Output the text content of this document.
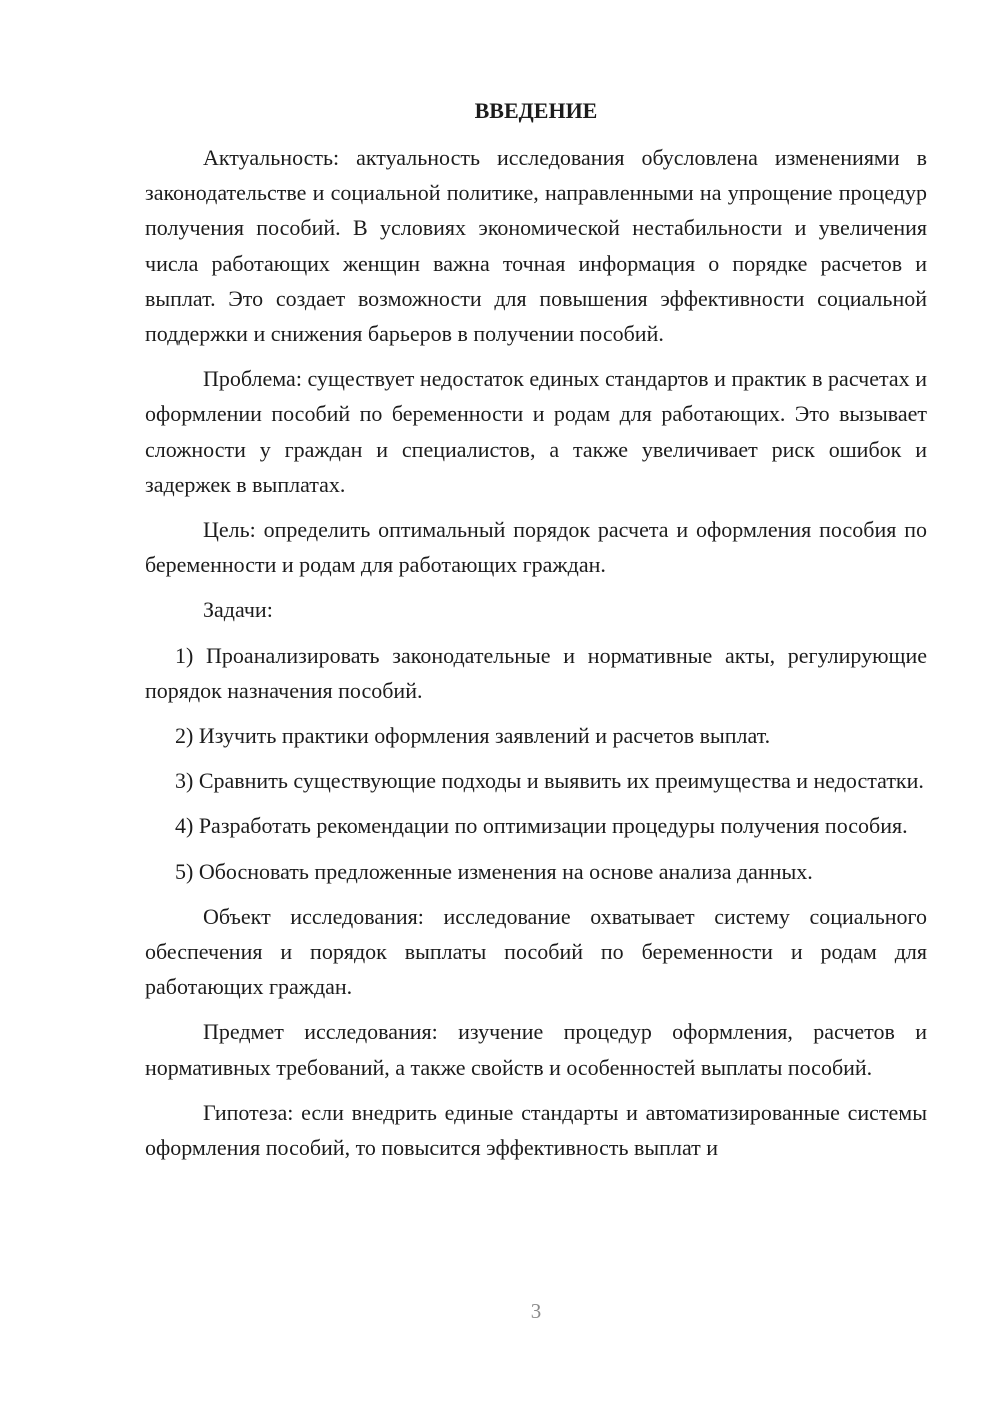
ВВЕДЕНИЕ

Актуальность: актуальность исследования обусловлена изменениями в законодательстве и социальной политике, направленными на упрощение процедур получения пособий. В условиях экономической нестабильности и увеличения числа работающих женщин важна точная информация о порядке расчетов и выплат. Это создает возможности для повышения эффективности социальной поддержки и снижения барьеров в получении пособий.

Проблема: существует недостаток единых стандартов и практик в расчетах и оформлении пособий по беременности и родам для работающих. Это вызывает сложности у граждан и специалистов, а также увеличивает риск ошибок и задержек в выплатах.

Цель: определить оптимальный порядок расчета и оформления пособия по беременности и родам для работающих граждан.

Задачи:

1) Проанализировать законодательные и нормативные акты, регулирующие порядок назначения пособий.

2) Изучить практики оформления заявлений и расчетов выплат.

3) Сравнить существующие подходы и выявить их преимущества и недостатки.

4) Разработать рекомендации по оптимизации процедуры получения пособия.

5) Обосновать предложенные изменения на основе анализа данных.

Объект исследования: исследование охватывает систему социального обеспечения и порядок выплаты пособий по беременности и родам для работающих граждан.

Предмет исследования: изучение процедур оформления, расчетов и нормативных требований, а также свойств и особенностей выплаты пособий.

Гипотеза: если внедрить единые стандарты и автоматизированные системы оформления пособий, то повысится эффективность выплат и

3
